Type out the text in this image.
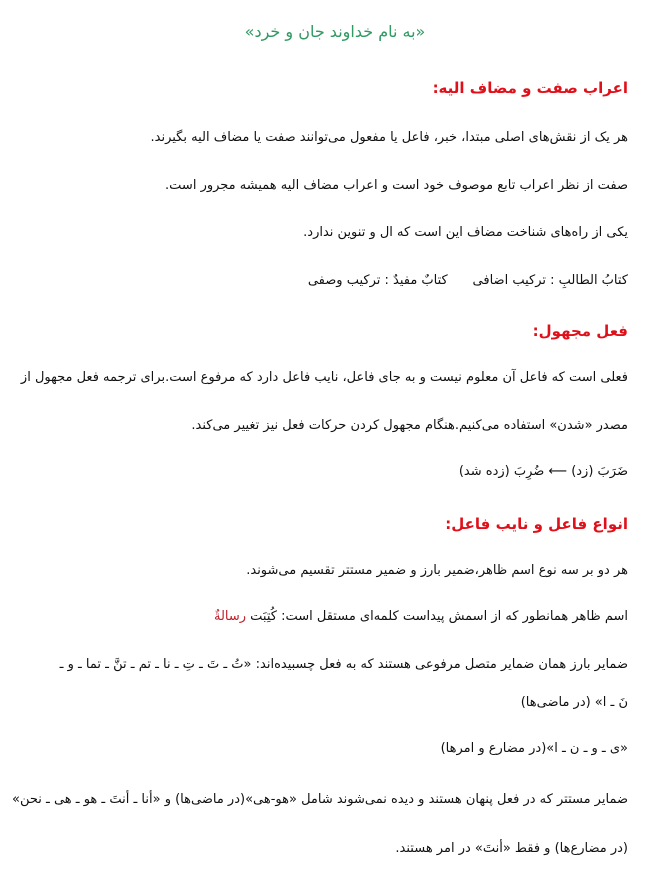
«به نام خداوند جان و خرد»
اعراب صفت و مضاف الیه:
هر یک از نقش‌های اصلی مبتدا، خبر، فاعل یا مفعول می‌توانند صفت یا مضاف الیه بگیرند.
صفت از نظر اعراب تابع موصوف خود است و اعراب مضاف الیه همیشه مجرور است.
یکی از راه‌های شناخت مضاف این است که ال و تنوین ندارد.
کتابُ الطالبِ : ترکیب اضافی      کتابٌ مفیدٌ : ترکیب وصفی
فعل مجهول:
فعلی است که فاعل آن معلوم نیست و به جای فاعل، نایب فاعل دارد که مرفوع است.برای ترجمه فعل مجهول از
مصدر «شدن» استفاده می‌کنیم.هنگام مجهول کردن حرکات فعل نیز تغییر می‌کند.
ضَرَبَ (زد) ⟵ ضُرِبَ (زده شد)
انواع فاعل و نایب فاعل:
هر دو بر سه نوع اسم ظاهر،ضمیر بارز و ضمیر مستتر تقسیم می‌شوند.
اسم ظاهر همانطور که از اسمش پیداست کلمه‌ای مستقل است: كُتِبَت رسالةٌ
ضمایر بارز همان ضمایر متصل مرفوعی هستند که به فعل چسبیده‌اند: «تُ ـ تَ ـ تِ ـ نا ـ تم ـ تنَّ ـ تما ـ و ـ
نَ ـ ا» (در ماضی‌ها)
«ی ـ و ـ ن ـ ا»(در مضارع و امرها)
ضمایر مستتر که در فعل پنهان هستند و دیده نمی‌شوند شامل «هو-هی»(در ماضی‌ها) و «أنا ـ أنتَ ـ هو ـ هی ـ نحن»
(در مضارع‌ها) و فقط «أنتَ» در امر هستند.
